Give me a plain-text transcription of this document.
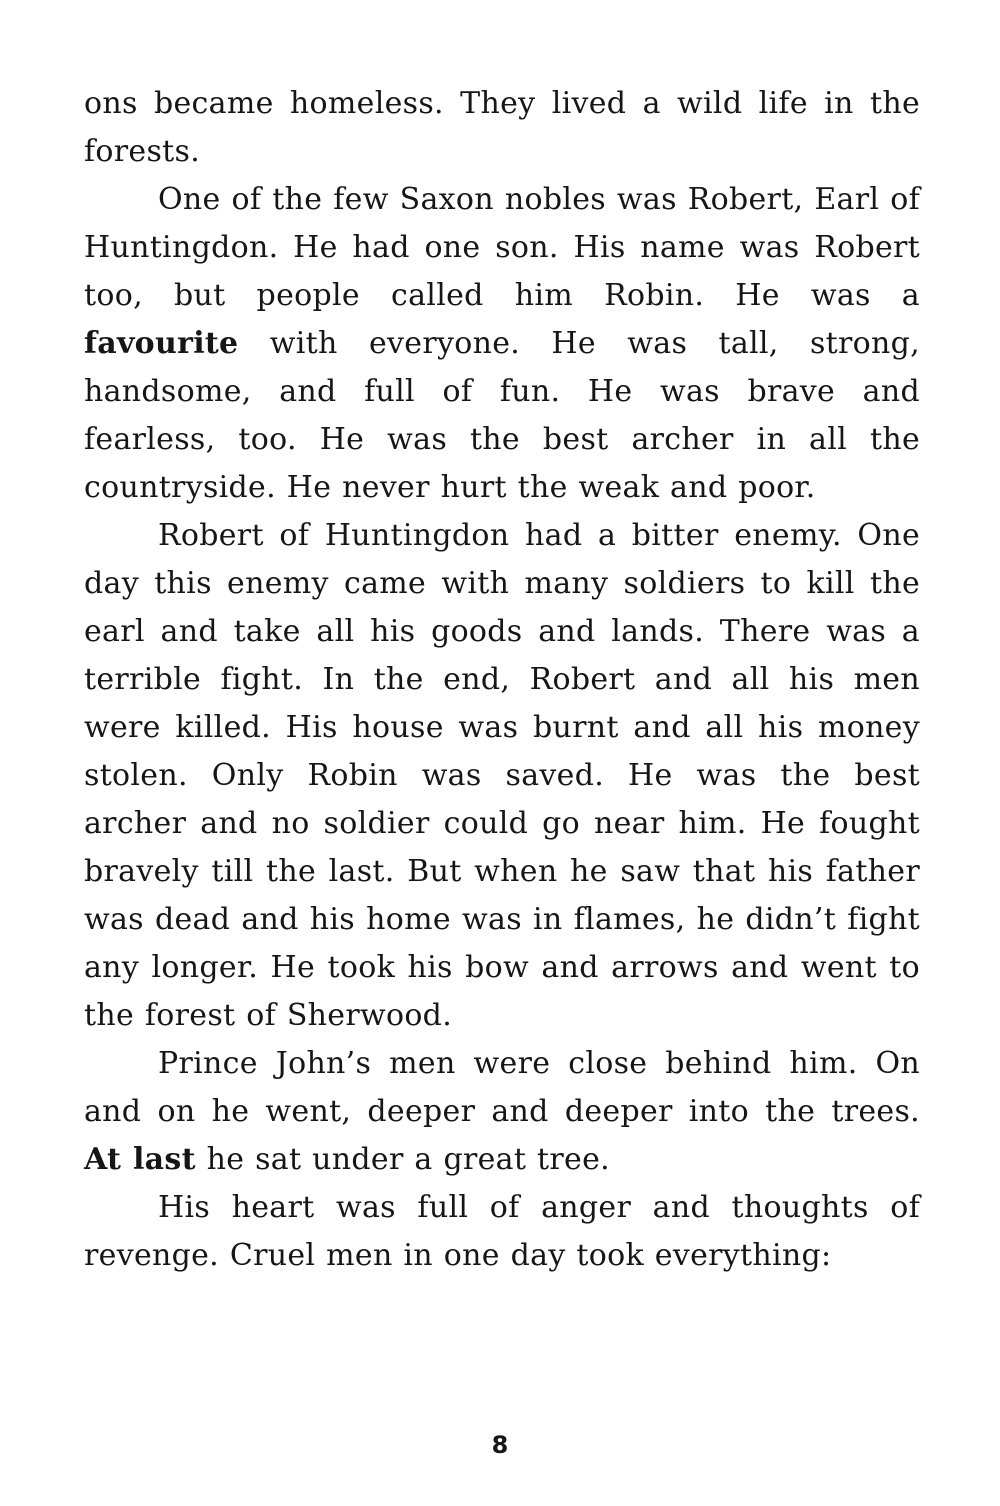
ons became homeless. They lived a wild life in the forests.

One of the few Saxon nobles was Robert, Earl of Huntingdon. He had one son. His name was Robert too, but people called him Robin. He was a favourite with everyone. He was tall, strong, handsome, and full of fun. He was brave and fearless, too. He was the best archer in all the countryside. He never hurt the weak and poor.

Robert of Huntingdon had a bitter enemy. One day this enemy came with many soldiers to kill the earl and take all his goods and lands. There was a terrible fight. In the end, Robert and all his men were killed. His house was burnt and all his money stolen. Only Robin was saved. He was the best archer and no soldier could go near him. He fought bravely till the last. But when he saw that his father was dead and his home was in flames, he didn’t fight any longer. He took his bow and arrows and went to the forest of Sherwood.

Prince John’s men were close behind him. On and on he went, deeper and deeper into the trees. At last he sat under a great tree.

His heart was full of anger and thoughts of revenge. Cruel men in one day took everything:

8
